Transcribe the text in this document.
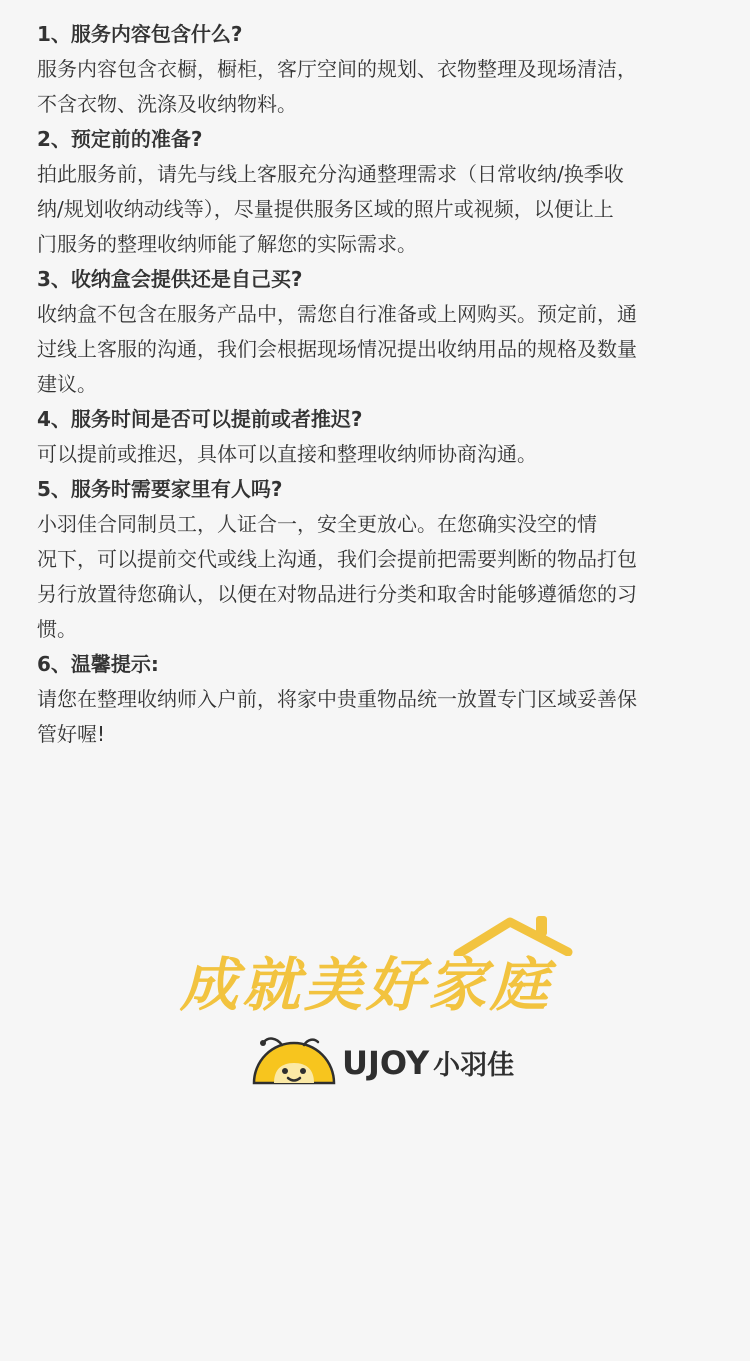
1、服务内容包含什么?
服务内容包含衣橱，橱柜，客厅空间的规划、衣物整理及现场清洁，
不含衣物、洗涤及收纳物料。
2、预定前的准备?
拍此服务前，请先与线上客服充分沟通整理需求（日常收纳/换季收
纳/规划收纳动线等），尽量提供服务区域的照片或视频，以便让上
门服务的整理收纳师能了解您的实际需求。
3、收纳盒会提供还是自己买?
收纳盒不包含在服务产品中，需您自行准备或上网购买。预定前，通
过线上客服的沟通，我们会根据现场情况提出收纳用品的规格及数量
建议。
4、服务时间是否可以提前或者推迟?
可以提前或推迟，具体可以直接和整理收纳师协商沟通。
5、服务时需要家里有人吗?
小羽佳合同制员工，人证合一，安全更放心。在您确实没空的情
况下，可以提前交代或线上沟通，我们会提前把需要判断的物品打包
另行放置待您确认，以便在对物品进行分类和取舍时能够遵循您的习
惯。
6、温馨提示:
请您在整理收纳师入户前，将家中贵重物品统一放置专门区域妥善保
管好喔!
成就美好家庭
UJOY 小羽佳
